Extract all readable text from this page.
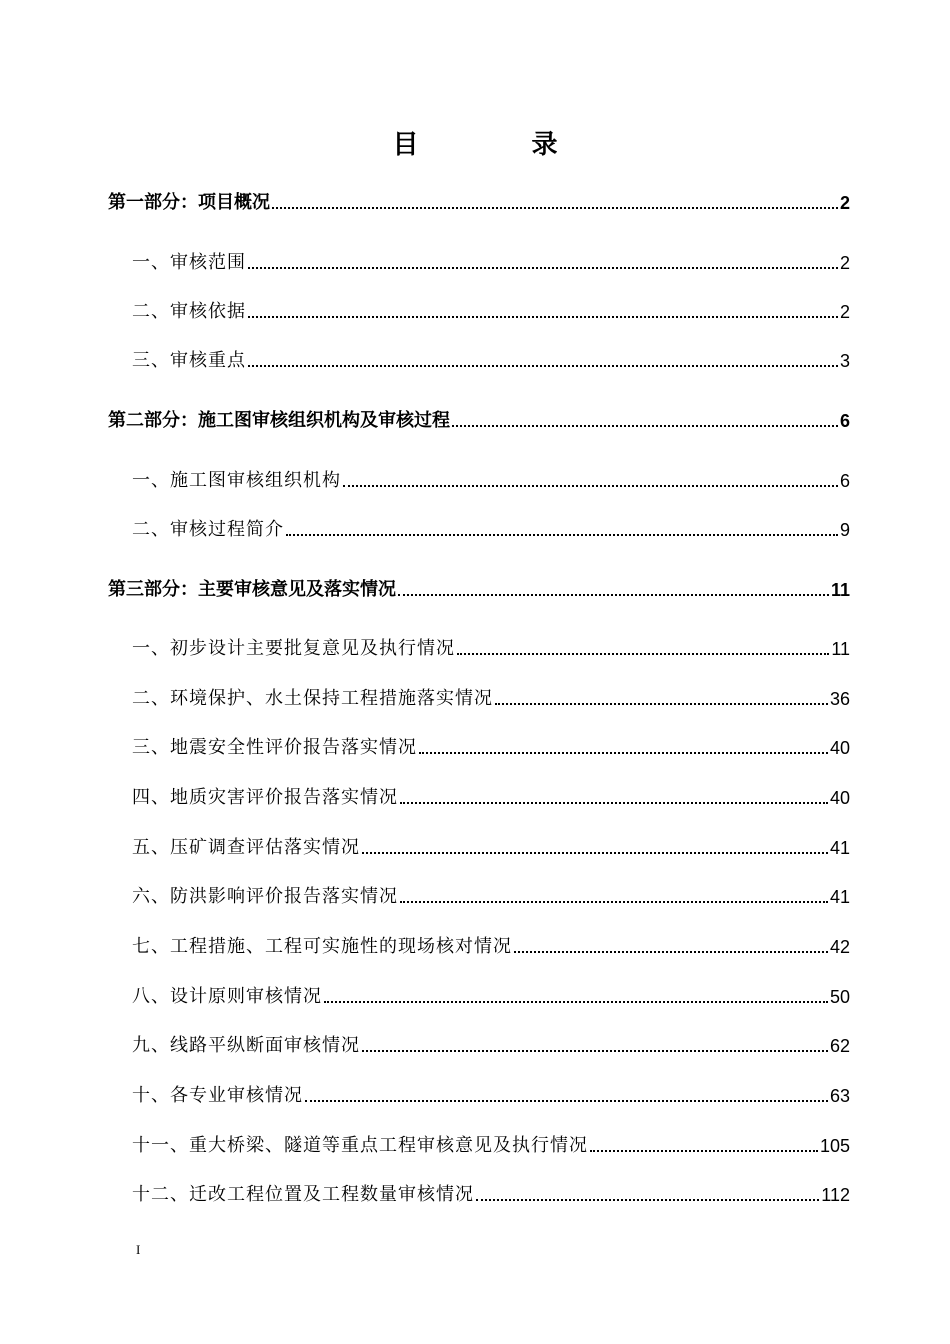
目 录
第一部分：项目概况	2
一、审核范围	2
二、审核依据	2
三、审核重点	3
第二部分：施工图审核组织机构及审核过程	6
一、施工图审核组织机构	6
二、审核过程简介	9
第三部分：主要审核意见及落实情况	11
一、初步设计主要批复意见及执行情况	11
二、环境保护、水土保持工程措施落实情况	36
三、地震安全性评价报告落实情况	40
四、地质灾害评价报告落实情况	40
五、压矿调查评估落实情况	41
六、防洪影响评价报告落实情况	41
七、工程措施、工程可实施性的现场核对情况	42
八、设计原则审核情况	50
九、线路平纵断面审核情况	62
十、各专业审核情况	63
十一、重大桥梁、隧道等重点工程审核意见及执行情况	105
十二、迁改工程位置及工程数量审核情况	112
I
